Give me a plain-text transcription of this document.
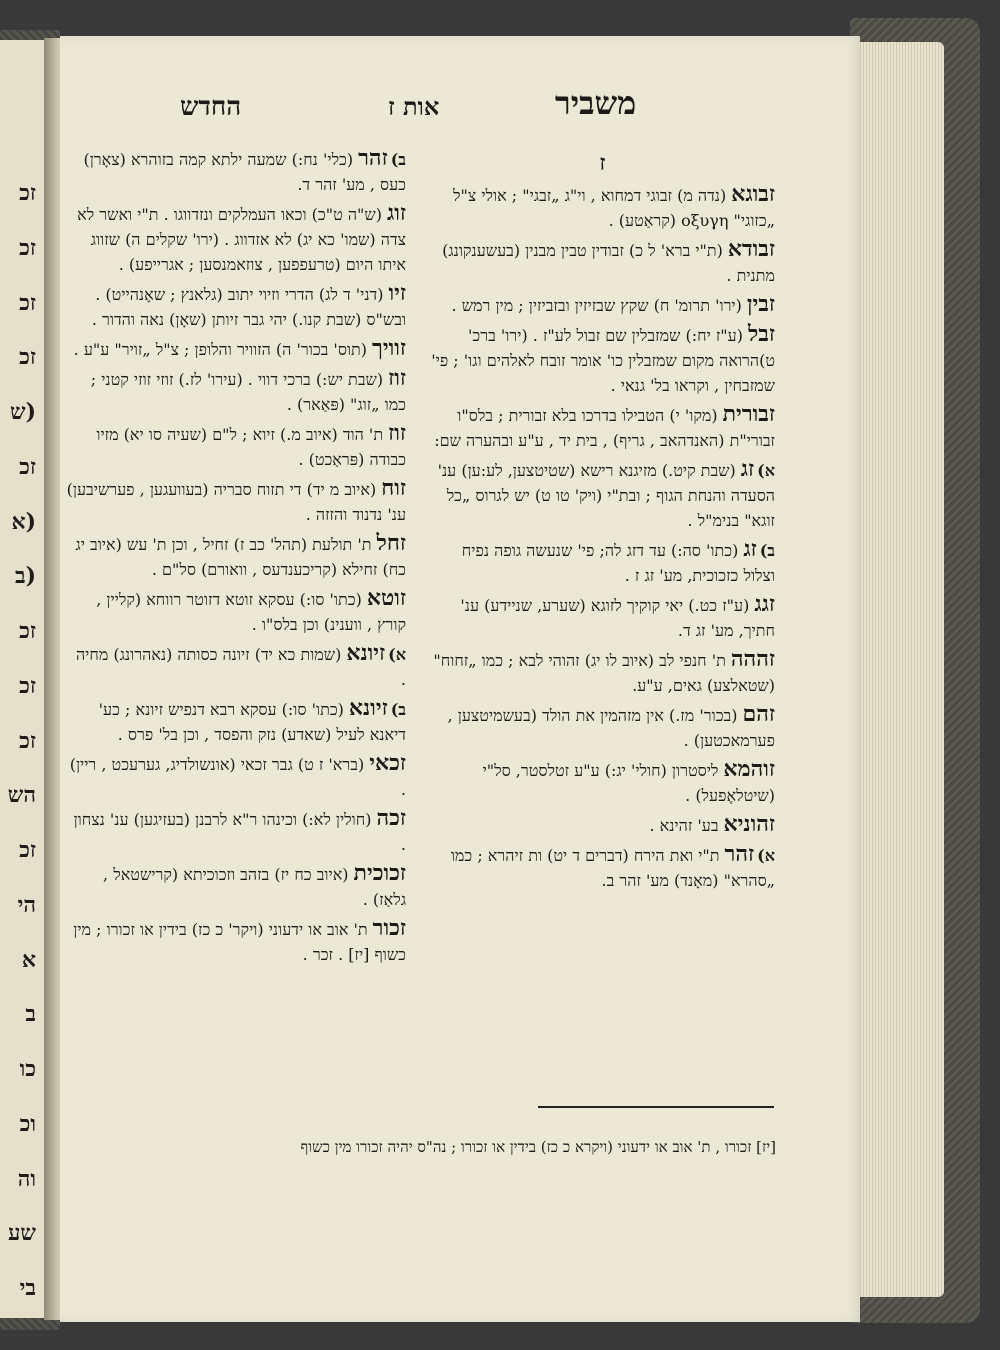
זכ
זכ
זכ
זכ
(ש
זכ
(א
(ב
זכ
זכ
זכ
הש
זכ
הי
א
ב
כו
וכ
וה
שע
בי
משביר
אות ז
החדש
ז
זבוגא(נדה מ) זבוגי דמחוא , וי"ג „זבגי" ; אולי צ"ל „כזוגי" οξυγη (קראַטע) .
זבודא(ת"י ברא' ל כ) זבודין טבין מבנין (בעשענקונג) מתנית .
זבין(ירו' תרומ' ח) שקץ שבזיזין ובזביזין ; מין רמש .
זבל(ע"ז יח:) שמזבלין שם זבול לע"ז . (ירו' ברכ' ט)הרואה מקום שמזבלין כו' אומר זובח לאלהים וגו' ; פי' שמזבחין , וקראו בל' גנאי .
זבורית(מקו' י) הטבילו בדרכו בלא זבורית ; בלס"ו זבורי"ת (האנדהאב , גריף) , בית יד , ע"ע ובהערה שם:
א)זג(שבת קיט.) מזיגנא רישא (שטיטצען, לע:ען) ענ' הסעדה והנחת הגוף ; ובת"י (ויק' טו ט) יש לגרוס „כל זוגא" בנימ"ל .
ב)זג(כתו' סה:) עד דזג לה; פי' שנעשה גופה נפיח וצלול כזכוכית, מע' זג ז .
זגג(ע"ז כט.) יאי קוקיך לזוגא (שערע, שניידע) ענ' חתיך, מע' זג ד.
זהההת' חנפי לב (איוב לו יג) זהוהי לבא ; כמו „זחוח" (שטאלצע) גאים, ע"ע.
זהם(בכור' מז.) אין מזהמין את הולד (בעשמיטצען , פערמאכטען) .
זוהמאליסטרון (חולי' יג:) ע"ע זטלסטר, סל"י (שיטלאֶפעל) .
זהוניאבע' זהינא .
א)זהרת"י ואת הירח (דברים ד יט) ות זיהרא ; כמו „סהרא" (מאָנד) מע' זהר ב.
ב)זהר(כלי' נח:) שמעה ילתא קמה בזוהרא (צאָרן) כעס , מע' זהר ד.
זוג(ש"ה ט"כ) וכאו העמלקים ונזדווגו . ת"י ואשר לא צדה (שמו' כא יג) לא אזדווג . (ירו' שקלים ה) שזווג איתו היום (טרעפפען , צוזאמנסען ; אגרייפע) .
זיו(דני' ד לג) הדרי וזיוי יתוב (גלאנץ ; שאָנהייט) . ובש"ס (שבת קנו.) יהי גבר זיותן (שאָן) נאה והדור .
זוויך(תוס' בכור' ה) הזוויר והלופן ; צ"ל „זויר" ע"ע .
זוז(שבת יש:) ברכי דווי . (עירו' לז.) זוזי זוזי קטני ; כמו „זוג" (פּאַאר) .
זוזת' הוד (איוב מ.) זיוא ; ל"ם (שעיה סו יא) מזיו כבודה (פּראַכט) .
זוח(איוב מ יד) די תזוח סבריה (בעוועגען , פערשיבען) ענ' נדנוד והזזה .
זחלת' תולעת (תהל' כב ז) זחיל , וכן ת' עש (איוב יג כח) זחילא (קריכענדעס , וואורם) סל"ם .
זוטא(כתו' סו:) עסקא זוטא דזוטר רווחא (קליין , קורץ , ווענינ) וכן בלס"ו .
א)זיונא(שמות כא יד) זיונה כסותה (נאהרונג) מחיה .
ב)זיונא(כתו' סו:) עסקא רבא דנפיש זיונא ; כע' דיאנא לעיל (שאדע) נזק והפסד , וכן בל' פרס .
זכאי(ברא' ז ט) גבר זכאי (אונשולדיג, גערעכט , ריין) .
זכה(חולין לא:) וכינהו ר"א לרבנן (בעזיגען) ענ' נצחון .
זכוכית(איוב כח יז) בזהב וזכוכיתא (קרישטאל , גלאַז) .
זכורת' אוב או ידעוני (ויקר' כ כז) בידין או זכורו ; מין כשוף [יז] . זכר .
[יז] זכורו , ת' אוב או ידעוני (ויקרא כ כז) בידין או זכורו ; נה"ס יהיה זכורו מין כשוף
